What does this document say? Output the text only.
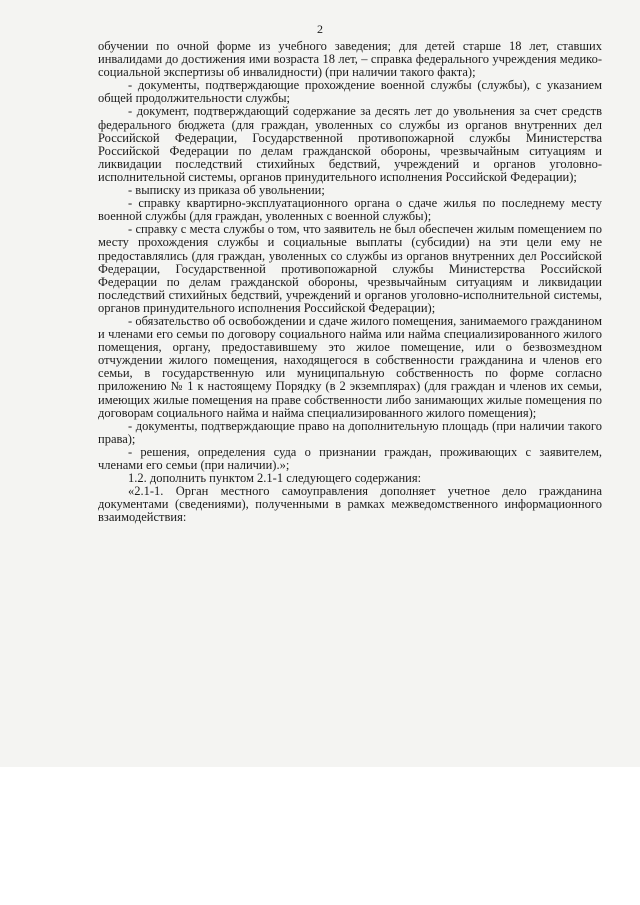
2

обучении по очной форме из учебного заведения; для детей старше 18 лет, ставших инвалидами до достижения ими возраста 18 лет, – справка федерального учреждения медико-социальной экспертизы об инвалидности) (при наличии такого факта);

- документы, подтверждающие прохождение военной службы (службы), с указанием общей продолжительности службы;

- документ, подтверждающий содержание за десять лет до увольнения за счет средств федерального бюджета (для граждан, уволенных со службы из органов внутренних дел Российской Федерации, Государственной противопожарной службы Министерства Российской Федерации по делам гражданской обороны, чрезвычайным ситуациям и ликвидации последствий стихийных бедствий, учреждений и органов уголовно-исполнительной системы, органов принудительного исполнения Российской Федерации);

- выписку из приказа об увольнении;

- справку квартирно-эксплуатационного органа о сдаче жилья по последнему месту военной службы (для граждан, уволенных с военной службы);

- справку с места службы о том, что заявитель не был обеспечен жилым помещением по месту прохождения службы и социальные выплаты (субсидии) на эти цели ему не предоставлялись (для граждан, уволенных со службы из органов внутренних дел Российской Федерации, Государственной противопожарной службы Министерства Российской Федерации по делам гражданской обороны, чрезвычайным ситуациям и ликвидации последствий стихийных бедствий, учреждений и органов уголовно-исполнительной системы, органов принудительного исполнения Российской Федерации);

- обязательство об освобождении и сдаче жилого помещения, занимаемого гражданином и членами его семьи по договору социального найма или найма специализированного жилого помещения, органу, предоставившему это жилое помещение, или о безвозмездном отчуждении жилого помещения, находящегося в собственности гражданина и членов его семьи, в государственную или муниципальную собственность по форме согласно приложению № 1 к настоящему Порядку (в 2 экземплярах) (для граждан и членов их семьи, имеющих жилые помещения на праве собственности либо занимающих жилые помещения по договорам социального найма и найма специализированного жилого помещения);

- документы, подтверждающие право на дополнительную площадь (при наличии такого права);

- решения, определения суда о признании граждан, проживающих с заявителем, членами его семьи (при наличии).»;

1.2. дополнить пунктом 2.1-1 следующего содержания:

«2.1-1. Орган местного самоуправления дополняет учетное дело гражданина документами (сведениями), полученными в рамках межведомственного информационного взаимодействия:
